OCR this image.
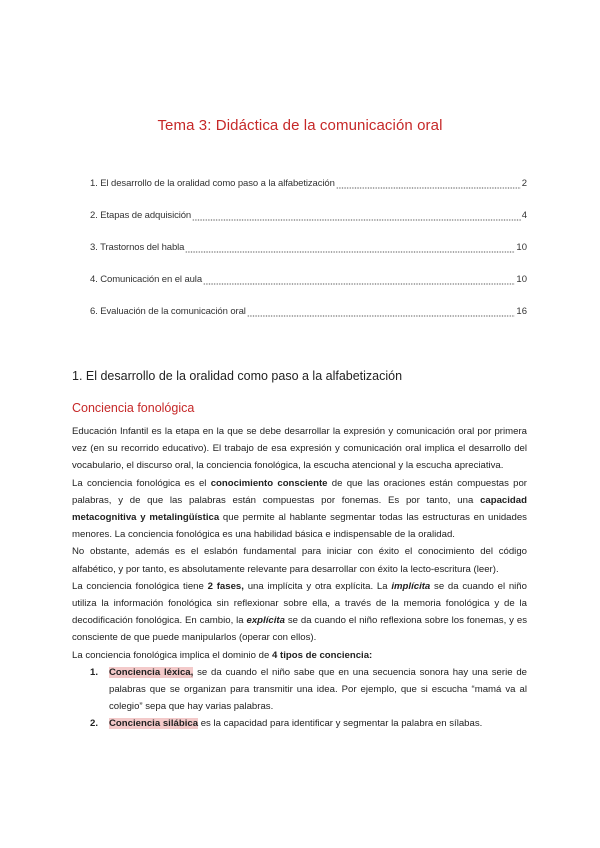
Tema 3: Didáctica de la comunicación oral
1. El desarrollo de la oralidad como paso a la alfabetización	2
2. Etapas de adquisición	4
3. Trastornos del habla	10
4. Comunicación en el aula	10
6. Evaluación de la comunicación oral	16
1. El desarrollo de la oralidad como paso a la alfabetización
Conciencia fonológica

Educación Infantil es la etapa en la que se debe desarrollar la expresión y comunicación oral por primera vez (en su recorrido educativo). El trabajo de esa expresión y comunicación oral implica el desarrollo del vocabulario, el discurso oral, la conciencia fonológica, la escucha atencional y la escucha apreciativa.

La conciencia fonológica es el conocimiento consciente de que las oraciones están compuestas por palabras, y de que las palabras están compuestas por fonemas. Es por tanto, una capacidad metacognitiva y metalingüística que permite al hablante segmentar todas las estructuras en unidades menores. La conciencia fonológica es una habilidad básica e indispensable de la oralidad.

No obstante, además es el eslabón fundamental para iniciar con éxito el conocimiento del código alfabético, y por tanto, es absolutamente relevante para desarrollar con éxito la lecto-escritura (leer).

La conciencia fonológica tiene 2 fases, una implícita y otra explícita. La implícita se da cuando el niño utiliza la información fonológica sin reflexionar sobre ella, a través de la memoria fonológica y de la decodificación fonológica. En cambio, la explícita se da cuando el niño reflexiona sobre los fonemas, y es consciente de que puede manipularlos (operar con ellos).

La conciencia fonológica implica el dominio de 4 tipos de conciencia:

1. Conciencia léxica, se da cuando el niño sabe que en una secuencia sonora hay una serie de palabras que se organizan para transmitir una idea. Por ejemplo, que si escucha “mamá va al colegio” sepa que hay varias palabras.
2. Conciencia silábica es la capacidad para identificar y segmentar la palabra en sílabas.
